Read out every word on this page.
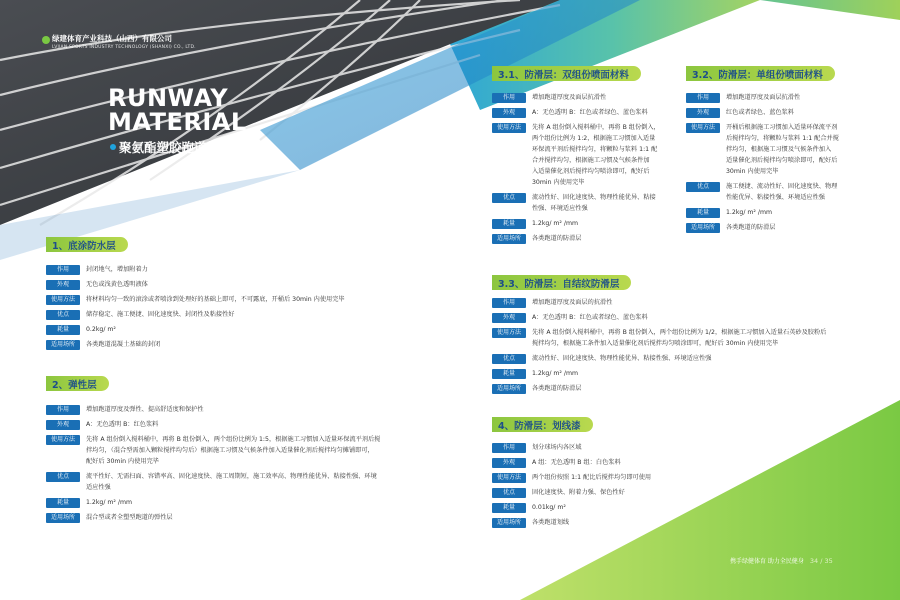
绿建体育产业科技（山西）有限公司
LVJIAN SPORTS INDUSTRY TECHNOLOGY (SHANXI) CO., LTD.
RUNWAY
MATERIAL
聚氨酯塑胶跑道材料
1、底涂防水层
作用	封闭地气，增加附着力
外观	无色或浅黄色透明液体
使用方法	将材料均匀一致的滚涂或者喷涂到处理好的基础上即可，不可露底，开桶后 30min 内使用完毕
优点	储存稳定、施工便捷、固化速度快、封闭性及粘接性好
耗量	0.2kg/ m²
适用场所	各类跑道混凝土基础的封闭
2、弹性层
作用	增加跑道厚度及弹性、提高舒适度和保护性
外观	A：无色透明 B：红色浆料
使用方法	先将 A 组份倒入搅料桶中，再将 B 组份倒入，两个组份比例为 1:5，根据施工习惯加入适量环保流平剂后搅
拌均匀，（混合型需加入颗粒搅拌均匀后）根据施工习惯及气候条件加入适量催化剂后搅拌均匀摊铺即可，
配好后 30min 内使用完毕
优点	流平性好、无需扫面、容错率高、固化速度快、施工周期短，施工效率高、物理性能优异、粘接性强、环境
适应性强
耗量	1.2kg/ m² /mm
适用场所	混合型或者全塑型跑道的弹性层
3.1、防滑层：双组份喷面材料
作用	增加跑道厚度及面层抗滑性
外观	A：无色透明 B：红色或者绿色、蓝色浆料
使用方法	先将 A 组份倒入搅料桶中，再将 B 组份倒入，
两个组份比例为 1:2，根据施工习惯加入适量
环保流平剂后搅拌均匀，将颗粒与浆料 1:1 配
合并搅拌均匀，根据施工习惯及气候条件加
入适量催化剂后搅拌均匀喷涂即可，配好后
30min 内使用完毕
优点	流动性好、固化速度快、物理性能优异、粘接
性强、环境适应性强
耗量	1.2kg/ m² /mm
适用场所	各类跑道的防滑层
3.2、防滑层：单组份喷面材料
作用	增加跑道厚度及面层抗滑性
外观	红色或者绿色、蓝色浆料
使用方法	开桶后根据施工习惯加入适量环保流平剂
后搅拌均匀，将颗粒与浆料 1:1 配合并搅
拌均匀，根据施工习惯及气候条件加入
适量催化剂后搅拌均匀喷涂即可，配好后
30min 内使用完毕
优点	施工便捷、流动性好、固化速度快、物理
性能优异、粘接性强、环境适应性强
耗量	1.2kg/ m² /mm
适用场所	各类跑道的防滑层
3.3、防滑层：自结纹防滑层
作用	增加跑道厚度及面层的抗滑性
外观	A：无色透明 B：红色或者绿色、蓝色浆料
使用方法	先将 A 组份倒入搅料桶中，再将 B 组份倒入，两个组份比例为 1/2，根据施工习惯加入适量石英砂及胶粉后
搅拌均匀，根据施工条件加入适量催化剂后搅拌均匀喷涂即可，配好后 30min 内使用完毕
优点	流动性好、固化速度快、物理性能优异、粘接性强、环境适应性强
耗量	1.2kg/ m² /mm
适用场所	各类跑道的防滑层
4、防滑层：划线漆
作用	划分球场内各区域
外观	A 组：无色透明 B 组：白色浆料
使用方法	两个组份按照 1:1 配比后搅拌均匀即可使用
优点	固化速度快、附着力强、保色性好
耗量	0.01kg/ m²
适用场所	各类跑道划线
携手绿健体育 助力全民健身 34 / 35
